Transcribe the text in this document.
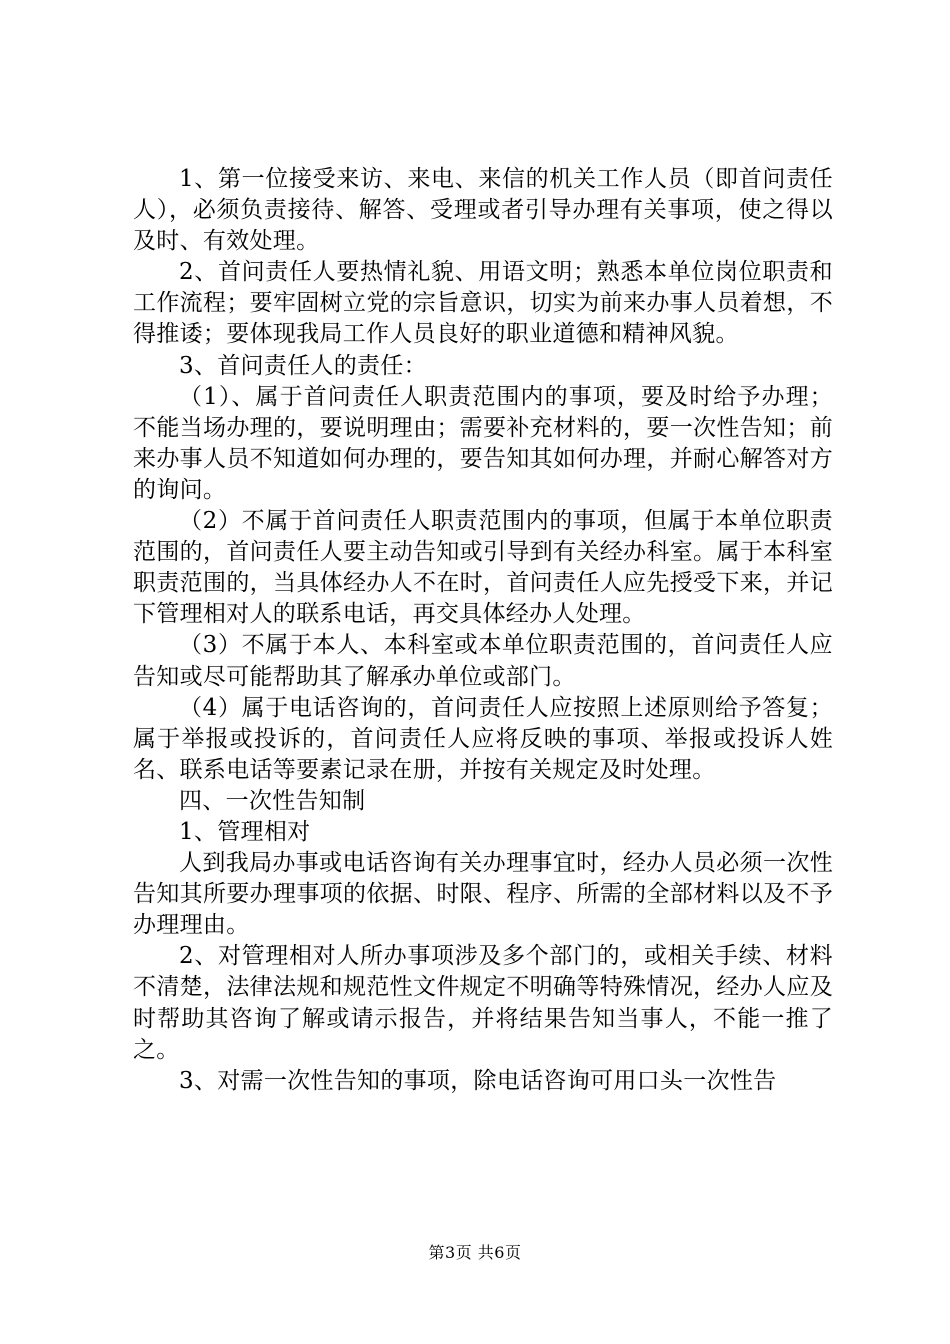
1、第一位接受来访、来电、来信的机关工作人员（即首问责任人），必须负责接待、解答、受理或者引导办理有关事项，使之得以及时、有效处理。

2、首问责任人要热情礼貌、用语文明；熟悉本单位岗位职责和工作流程；要牢固树立党的宗旨意识，切实为前来办事人员着想，不得推诿；要体现我局工作人员良好的职业道德和精神风貌。

3、首问责任人的责任：

（1）、属于首问责任人职责范围内的事项，要及时给予办理；不能当场办理的，要说明理由；需要补充材料的，要一次性告知；前来办事人员不知道如何办理的，要告知其如何办理，并耐心解答对方的询问。

（2）不属于首问责任人职责范围内的事项，但属于本单位职责范围的，首问责任人要主动告知或引导到有关经办科室。属于本科室职责范围的，当具体经办人不在时，首问责任人应先授受下来，并记下管理相对人的联系电话，再交具体经办人处理。

（3）不属于本人、本科室或本单位职责范围的，首问责任人应告知或尽可能帮助其了解承办单位或部门。

（4）属于电话咨询的，首问责任人应按照上述原则给予答复；属于举报或投诉的，首问责任人应将反映的事项、举报或投诉人姓名、联系电话等要素记录在册，并按有关规定及时处理。

四、一次性告知制

1、管理相对

人到我局办事或电话咨询有关办理事宜时，经办人员必须一次性告知其所要办理事项的依据、时限、程序、所需的全部材料以及不予办理理由。

2、对管理相对人所办事项涉及多个部门的，或相关手续、材料不清楚，法律法规和规范性文件规定不明确等特殊情况，经办人应及时帮助其咨询了解或请示报告，并将结果告知当事人，不能一推了之。

3、对需一次性告知的事项，除电话咨询可用口头一次性告

第3页 共6页
